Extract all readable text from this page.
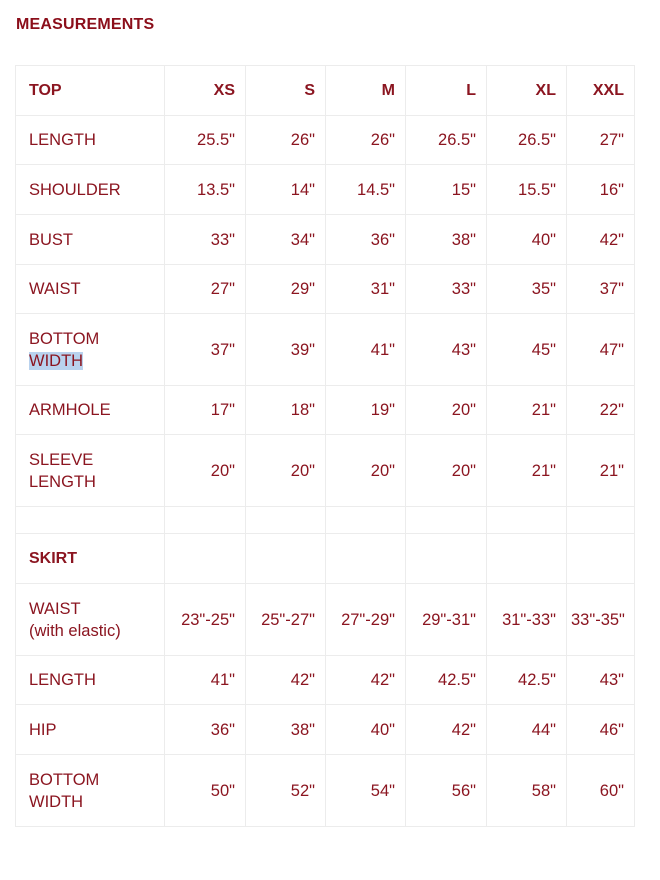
MEASUREMENTS
TOP	XS	S	M	L	XL	XXL
LENGTH	25.5"	26"	26"	26.5"	26.5"	27"
SHOULDER	13.5"	14"	14.5"	15"	15.5"	16"
BUST	33"	34"	36"	38"	40"	42"
WAIST	27"	29"	31"	33"	35"	37"
BOTTOM
WIDTH	37"	39"	41"	43"	45"	47"
ARMHOLE	17"	18"	19"	20"	21"	22"
SLEEVE
LENGTH	20"	20"	20"	20"	21"	21"

SKIRT						
WAIST
(with elastic)	23"-25"	25"-27"	27"-29"	29"-31"	31"-33"	33"-35"
LENGTH	41"	42"	42"	42.5"	42.5"	43"
HIP	36"	38"	40"	42"	44"	46"
BOTTOM
WIDTH	50"	52"	54"	56"	58"	60"
